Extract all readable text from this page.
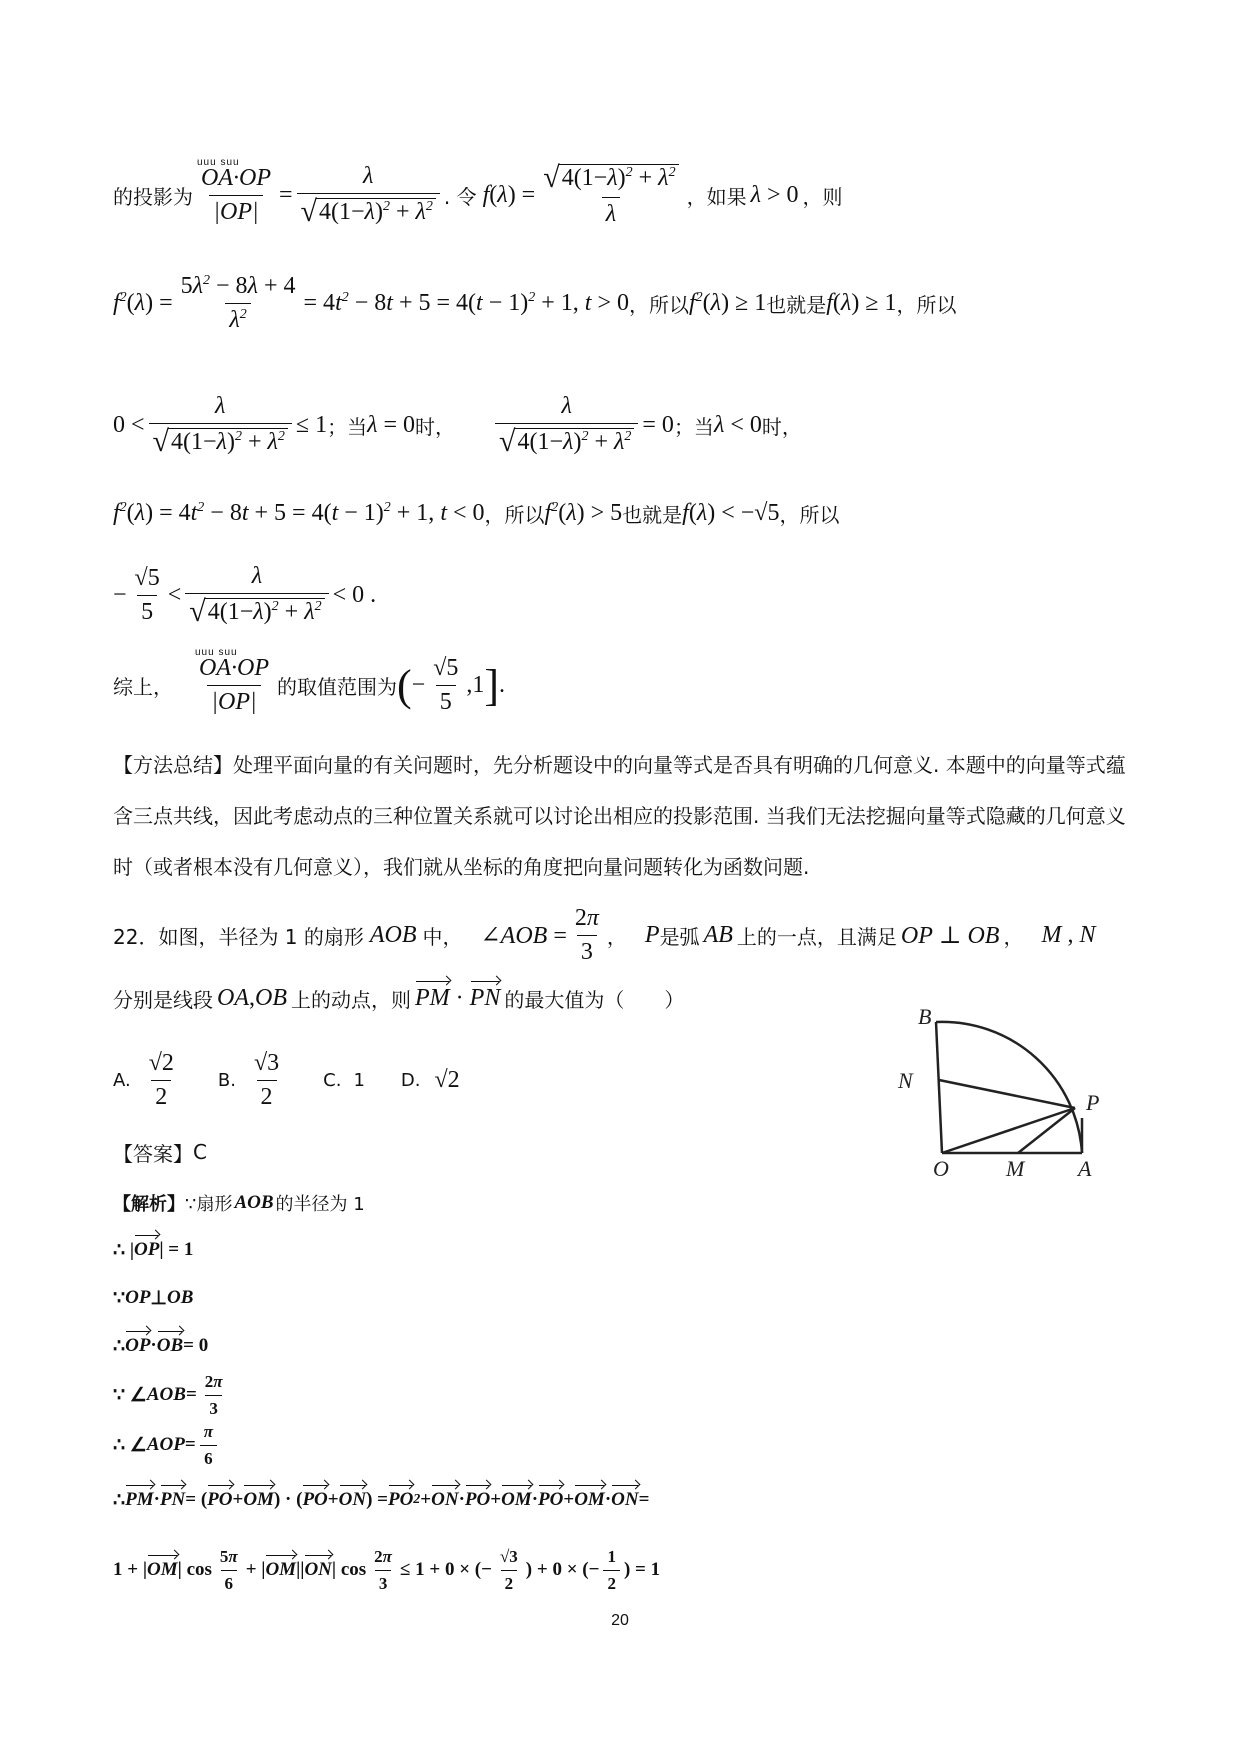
的投影为 uuu suu
OA·OP
$|OP| = \frac{\lambda}{√ 4(1-\lambda)^2 + \lambda^2}$ . 令 $f(\lambda) = \frac{√ 4(1-\lambda)^2 + \lambda^2}{\lambda}$ ，如果 λ > 0 ，则
$f^2(\lambda) = \frac{5\lambda^2 - 8\lambda + 4}{\lambda^2} = 4t^2 - 8t + 5 = 4(t - 1)^2 + 1$, t > 0 ，所以 $f^2(\lambda) \ge 1$ 也就是 f(λ) ≥ 1 ，所以
$0 < \frac{\lambda}{√ 4(1-\lambda)^2 + \lambda^2} \le 1$ ；当 λ = 0 时， $\frac{\lambda}{√ 4(1-\lambda)^2 + \lambda^2} = 0$ ；当 λ < 0 时，
$f^2(\lambda) = 4t^2 - 8t + 5 = 4(t - 1)^2 + 1$, t < 0 ，所以 $f^2(\lambda) > 5$ 也就是 f(λ) < −√5 ，所以
− $\frac{√5}{5} < \frac{\lambda}{√ 4(1-\lambda)^2 + \lambda^2} < 0$ .
综上， uuu suu
OA·OP
|OP| 的取值范围为 ( − $\frac{√5}{5} ,1$ ] .
【方法总结】处理平面向量的有关问题时，先分析题设中的向量等式是否具有明确的几何意义. 本题中的向量等式蕴含三点共线，因此考虑动点的三种位置关系就可以讨论出相应的投影范围. 当我们无法挖掘向量等式隐藏的几何意义时（或者根本没有几何意义），我们就从坐标的角度把向量问题转化为函数问题.
22．如图，半径为 1 的扇形 AOB 中， ∠AOB = $\frac{2\pi}{3}$ ， P 是弧 AB 上的一点，且满足 OP ⊥ OB ， M , N
分别是线段 OA,OB 上的动点，则 PM · PN 的最大值为（　　）
A. $\frac{√2}{2} B$. $\frac{√3}{2} C$. 1 D. √2
B
N
P
O	M A
【答案】 C
【解析】 ∵扇形 AOB 的半径为 1
∴ | OP | = 1
∵ OP ⊥ OB
∴ OP · OB = 0
∵ ∠ AOB = $\frac{2\pi}{3}$
∴ ∠ AOP = $\frac{\pi}{6}$
∴ PM · PN = ( PO + OM ) · ( PO + ON ) = PO 2 + ON · PO + OM · PO + OM · ON =
1 + | OM | $\cos \frac{5\pi}{6}$ + | OM || ON | $\cos \frac{2\pi}{3} \le 1 + 0$ × (− $\frac{√3}{2}$ ) + 0 × (− $\frac{1}{2}$ ) = 1
20
